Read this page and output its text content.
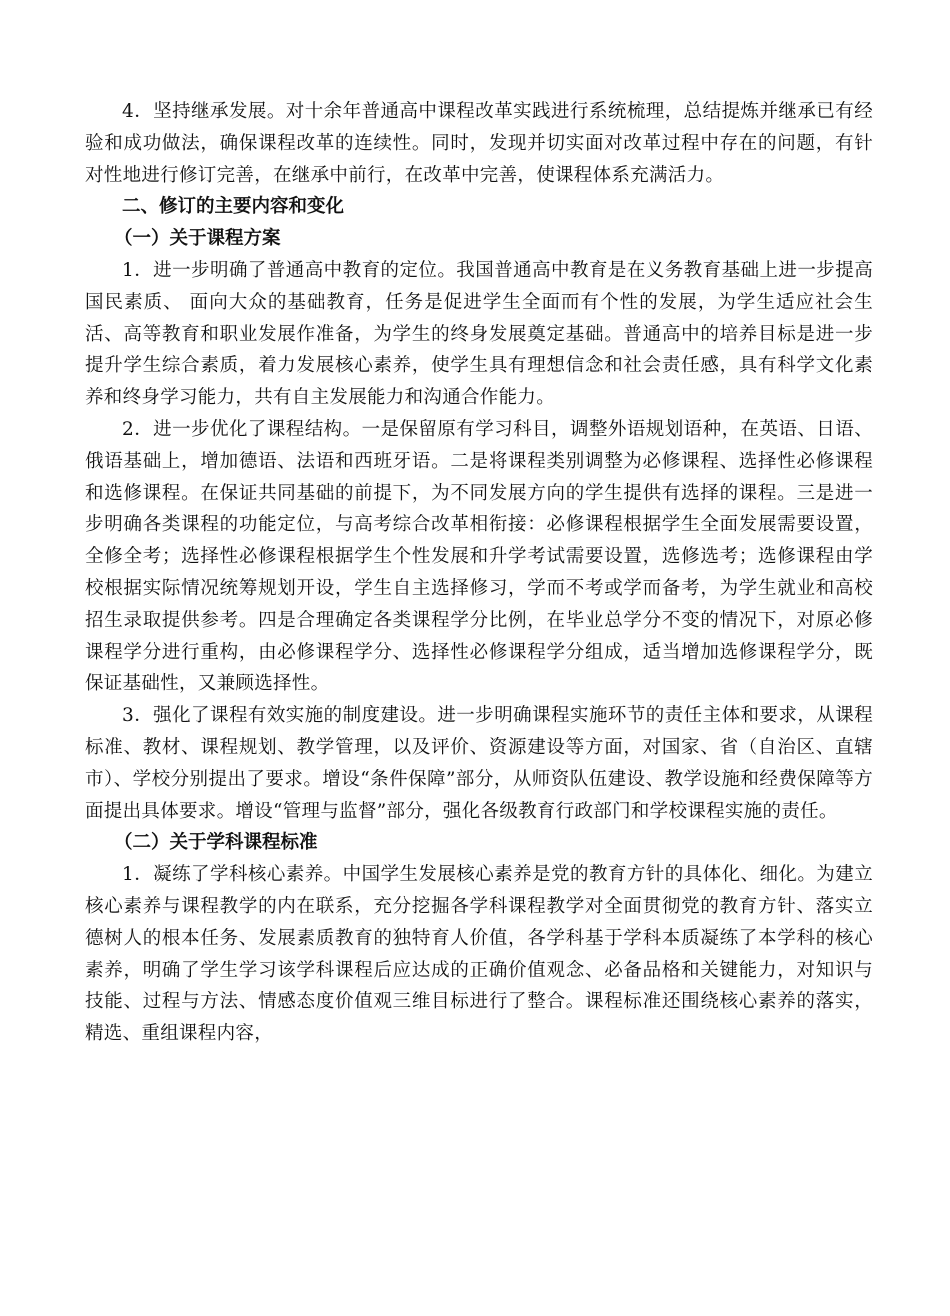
4．坚持继承发展。对十余年普通高中课程改革实践进行系统梳理，总结提炼并继承已有经验和成功做法，确保课程改革的连续性。同时，发现并切实面对改革过程中存在的问题，有针对性地进行修订完善，在继承中前行，在改革中完善，使课程体系充满活力。

二、修订的主要内容和变化

（一）关于课程方案

1．进一步明确了普通高中教育的定位。我国普通高中教育是在义务教育基础上进一步提高国民素质、 面向大众的基础教育，任务是促进学生全面而有个性的发展，为学生适应社会生活、高等教育和职业发展作准备，为学生的终身发展奠定基础。普通高中的培养目标是进一步提升学生综合素质，着力发展核心素养，使学生具有理想信念和社会责任感，具有科学文化素养和终身学习能力，共有自主发展能力和沟通合作能力。

2．进一步优化了课程结构。一是保留原有学习科目，调整外语规划语种，在英语、日语、俄语基础上，增加德语、法语和西班牙语。二是将课程类别调整为必修课程、选择性必修课程和选修课程。在保证共同基础的前提下，为不同发展方向的学生提供有选择的课程。三是进一步明确各类课程的功能定位，与高考综合改革相衔接：必修课程根据学生全面发展需要设置，全修全考；选择性必修课程根据学生个性发展和升学考试需要设置，选修选考；选修课程由学校根据实际情况统筹规划开设，学生自主选择修习，学而不考或学而备考，为学生就业和高校招生录取提供参考。四是合理确定各类课程学分比例，在毕业总学分不变的情况下，对原必修课程学分进行重构，由必修课程学分、选择性必修课程学分组成，适当增加选修课程学分，既保证基础性，又兼顾选择性。

3．强化了课程有效实施的制度建设。进一步明确课程实施环节的责任主体和要求，从课程标准、教材、课程规划、教学管理，以及评价、资源建设等方面，对国家、省（自治区、直辖市）、学校分别提出了要求。增设“条件保障”部分，从师资队伍建设、教学设施和经费保障等方面提出具体要求。增设“管理与监督”部分，强化各级教育行政部门和学校课程实施的责任。

（二）关于学科课程标准

1．凝练了学科核心素养。中国学生发展核心素养是党的教育方针的具体化、细化。为建立核心素养与课程教学的内在联系，充分挖掘各学科课程教学对全面贯彻党的教育方针、落实立德树人的根本任务、发展素质教育的独特育人价值，各学科基于学科本质凝练了本学科的核心素养，明确了学生学习该学科课程后应达成的正确价值观念、必备品格和关键能力，对知识与技能、过程与方法、情感态度价值观三维目标进行了整合。课程标准还围绕核心素养的落实，精选、重组课程内容，
